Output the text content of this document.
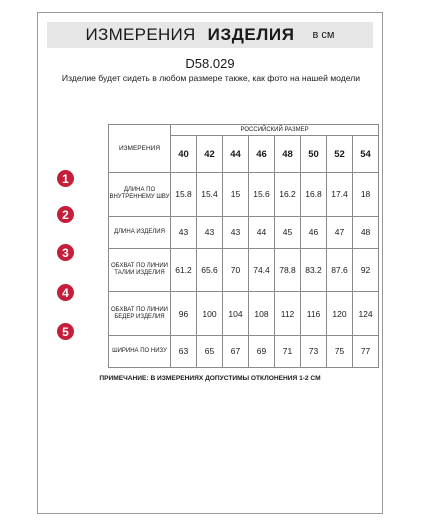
ИЗМЕРЕНИЯ ИЗДЕЛИЯ в см
D58.029
Изделие будет сидеть в любом размере также, как фото на нашей модели
ИЗМЕРЕНИЯ	РОССИЙСКИЙ РАЗМЕР							
	40	42	44	46	48	50	52	54
ДЛИНА ПО ВНУТРЕННЕМУ ШВУ	15.8	15.4	15	15.6	16.2	16.8	17.4	18
ДЛИНА ИЗДЕЛИЯ	43	43	43	44	45	46	47	48
ОБХВАТ ПО ЛИНИИ ТАЛИИ ИЗДЕЛИЯ	61.2	65.6	70	74.4	78.8	83.2	87.6	92
ОБХВАТ ПО ЛИНИИ БЕДЕР ИЗДЕЛИЯ	96	100	104	108	112	116	120	124
ШИРИНА ПО НИЗУ	63	65	67	69	71	73	75	77
1
2
3
4
5
ПРИМЕЧАНИЕ: В ИЗМЕРЕНИЯХ ДОПУСТИМЫ ОТКЛОНЕНИЯ 1-2 СМ
